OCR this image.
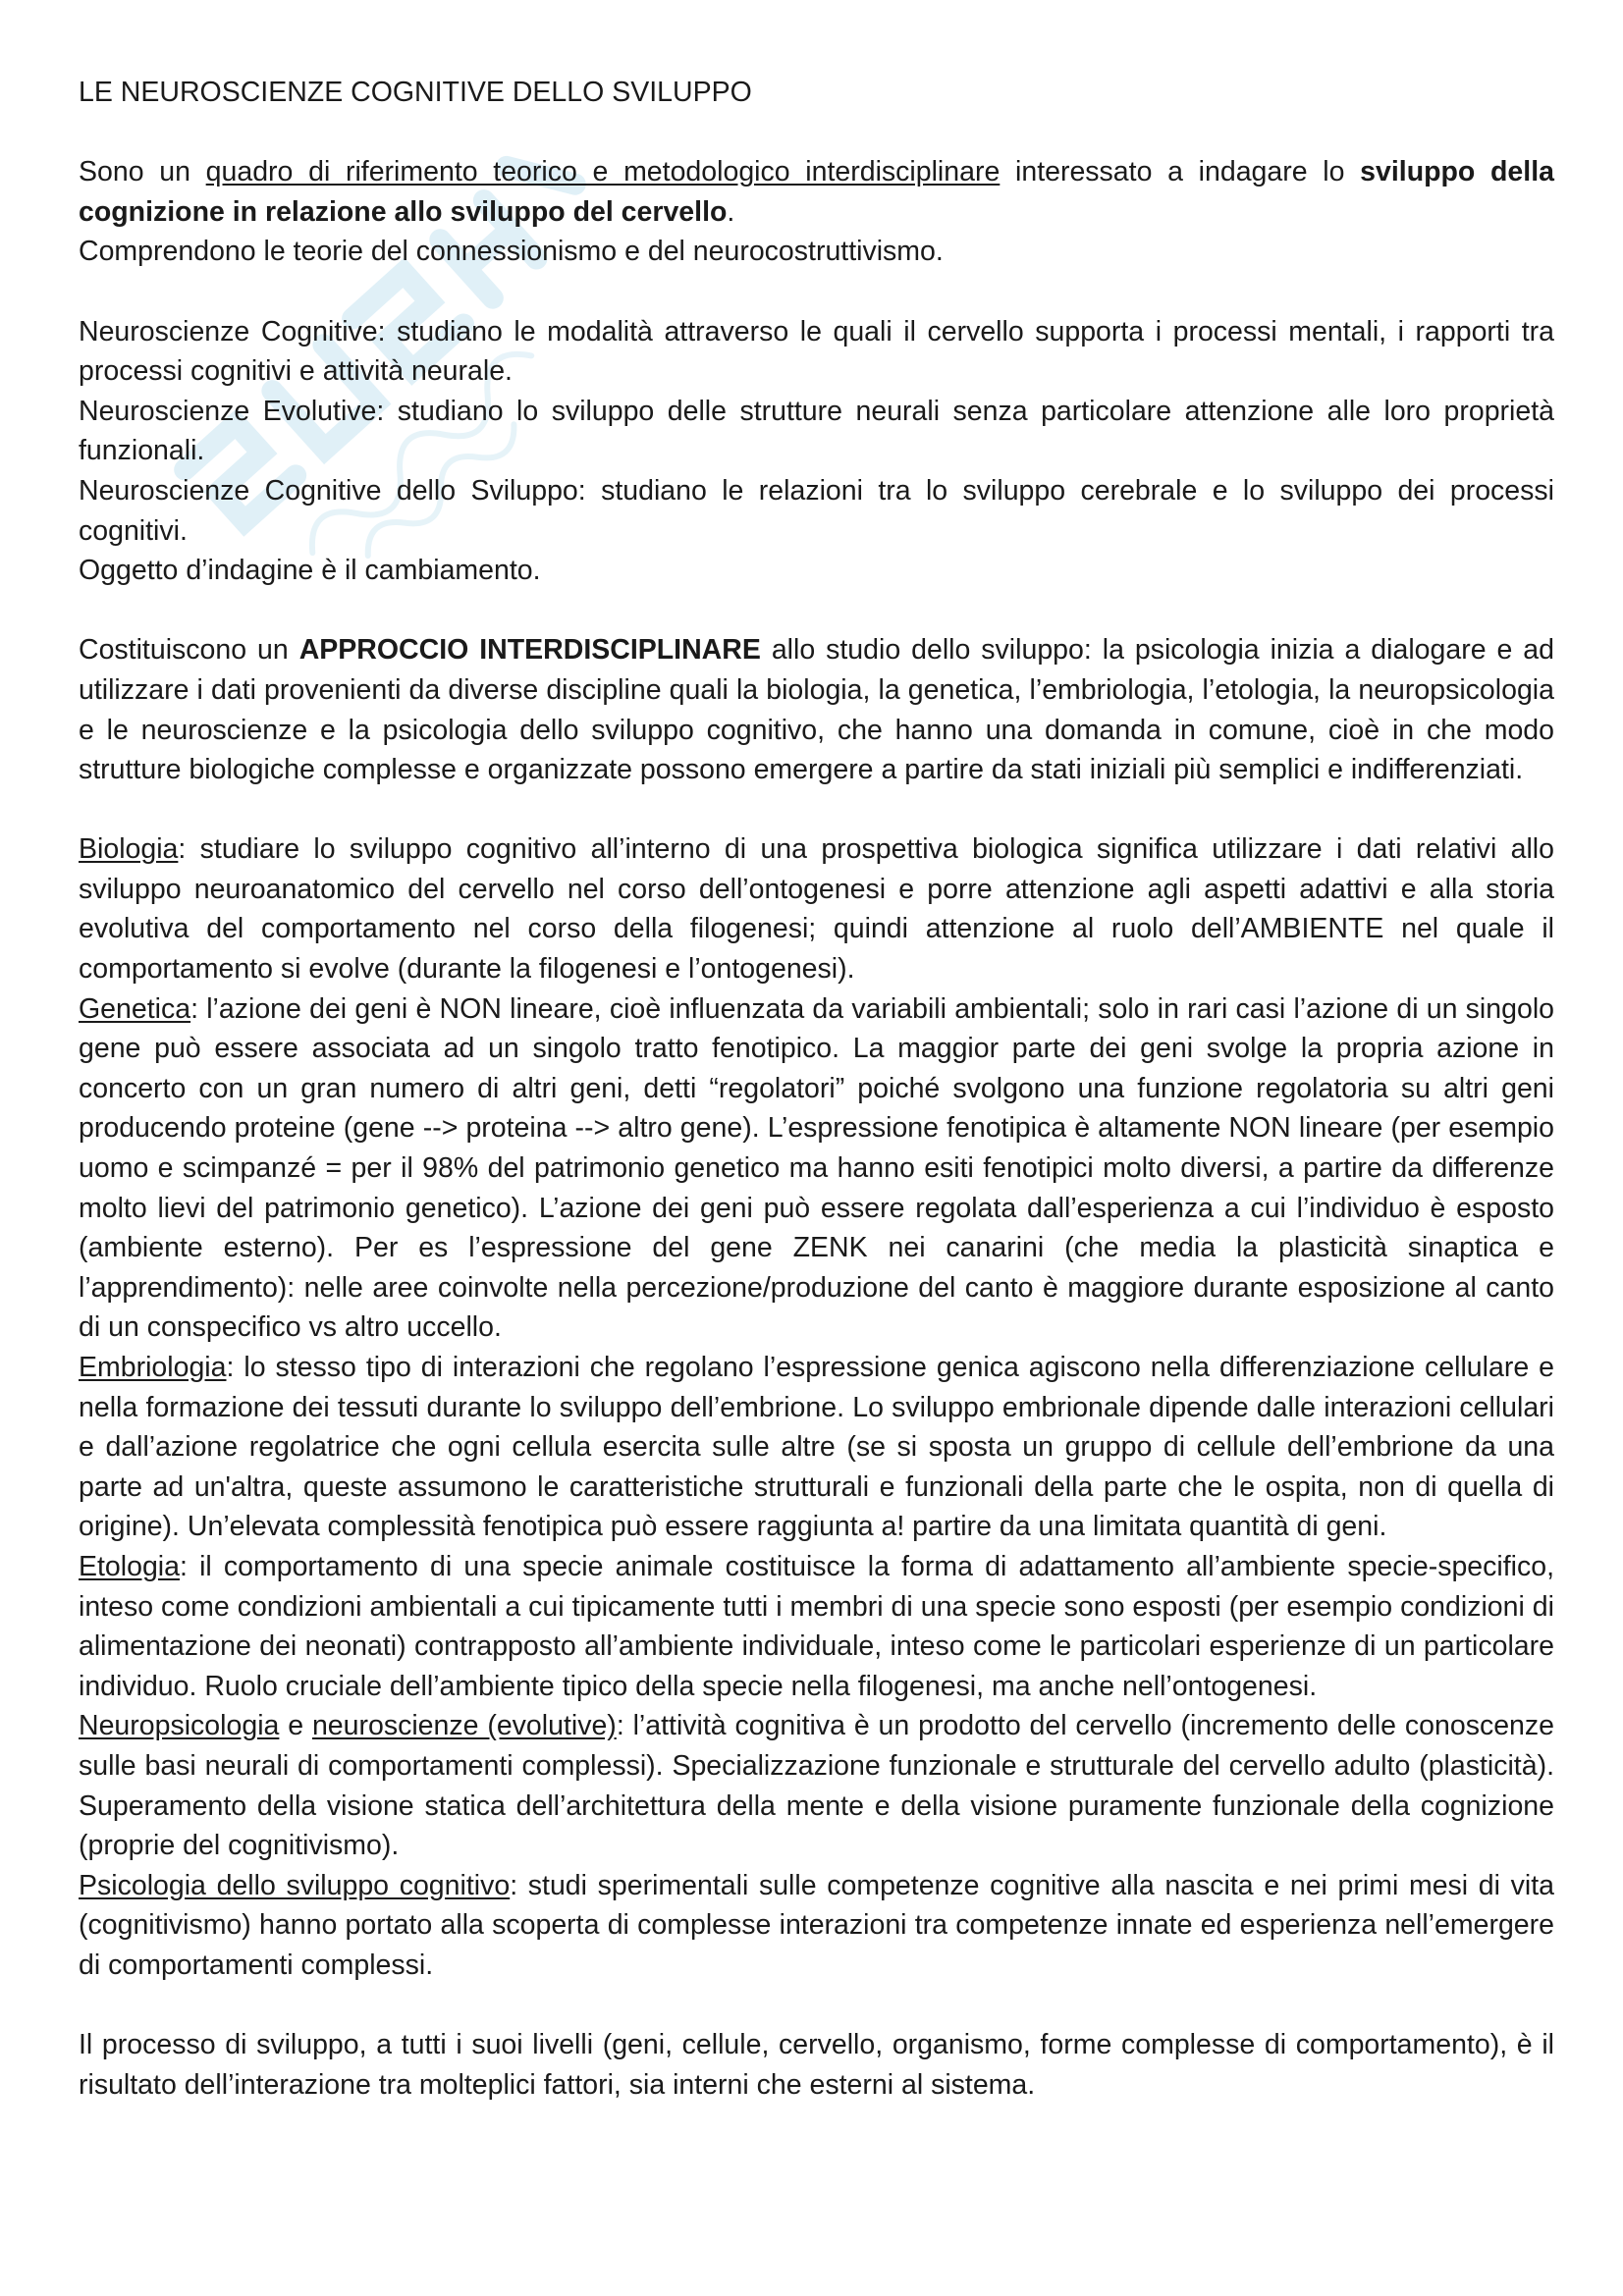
LE NEUROSCIENZE COGNITIVE DELLO SVILUPPO

Sono un quadro di riferimento teorico e metodologico interdisciplinare interessato a indagare lo sviluppo della cognizione in relazione allo sviluppo del cervello.

Comprendono le teorie del connessionismo e del neurocostruttivismo.

Neuroscienze Cognitive: studiano le modalità attraverso le quali il cervello supporta i processi mentali, i rapporti tra processi cognitivi e attività neurale.

Neuroscienze Evolutive: studiano lo sviluppo delle strutture neurali senza particolare attenzione alle loro proprietà funzionali.

Neuroscienze Cognitive dello Sviluppo: studiano le relazioni tra lo sviluppo cerebrale e lo sviluppo dei processi cognitivi.

Oggetto d’indagine è il cambiamento.

Costituiscono un APPROCCIO INTERDISCIPLINARE allo studio dello sviluppo: la psicologia inizia a dialogare e ad utilizzare i dati provenienti da diverse discipline quali la biologia, la genetica, l’embriologia, l’etologia, la neuropsicologia e le neuroscienze e la psicologia dello sviluppo cognitivo, che hanno una domanda in comune, cioè in che modo strutture biologiche complesse e organizzate possono emergere a partire da stati iniziali più semplici e indifferenziati.

Biologia: studiare lo sviluppo cognitivo all’interno di una prospettiva biologica significa utilizzare i dati relativi allo sviluppo neuroanatomico del cervello nel corso dell’ontogenesi e porre attenzione agli aspetti adattivi e alla storia evolutiva del comportamento nel corso della filogenesi; quindi attenzione al ruolo dell’AMBIENTE nel quale il comportamento si evolve (durante la filogenesi e l’ontogenesi).

Genetica: l’azione dei geni è NON lineare, cioè influenzata da variabili ambientali; solo in rari casi l’azione di un singolo gene può essere associata ad un singolo tratto fenotipico. La maggior parte dei geni svolge la propria azione in concerto con un gran numero di altri geni, detti “regolatori” poiché svolgono una funzione regolatoria su altri geni producendo proteine (gene --> proteina --> altro gene). L’espressione fenotipica è altamente NON lineare (per esempio uomo e scimpanzé = per il 98% del patrimonio genetico ma hanno esiti fenotipici molto diversi, a partire da differenze molto lievi del patrimonio genetico). L’azione dei geni può essere regolata dall’esperienza a cui l’individuo è esposto (ambiente esterno). Per es l’espressione del gene ZENK nei canarini (che media la plasticità sinaptica e l’apprendimento): nelle aree coinvolte nella percezione/produzione del canto è maggiore durante esposizione al canto di un conspecifico vs altro uccello.

Embriologia: lo stesso tipo di interazioni che regolano l’espressione genica agiscono nella differenziazione cellulare e nella formazione dei tessuti durante lo sviluppo dell’embrione. Lo sviluppo embrionale dipende dalle interazioni cellulari e dall’azione regolatrice che ogni cellula esercita sulle altre (se si sposta un gruppo di cellule dell’embrione da una parte ad un'altra, queste assumono le caratteristiche strutturali e funzionali della parte che le ospita, non di quella di origine). Un’elevata complessità fenotipica può essere raggiunta a! partire da una limitata quantità di geni.

Etologia: il comportamento di una specie animale costituisce la forma di adattamento all’ambiente specie-specifico, inteso come condizioni ambientali a cui tipicamente tutti i membri di una specie sono esposti (per esempio condizioni di alimentazione dei neonati) contrapposto all’ambiente individuale, inteso come le particolari esperienze di un particolare individuo. Ruolo cruciale dell’ambiente tipico della specie nella filogenesi, ma anche nell’ontogenesi.

Neuropsicologia e neuroscienze (evolutive): l’attività cognitiva è un prodotto del cervello (incremento delle conoscenze sulle basi neurali di comportamenti complessi). Specializzazione funzionale e strutturale del cervello adulto (plasticità). Superamento della visione statica dell’architettura della mente e della visione puramente funzionale della cognizione (proprie del cognitivismo).

Psicologia dello sviluppo cognitivo: studi sperimentali sulle competenze cognitive alla nascita e nei primi mesi di vita (cognitivismo) hanno portato alla scoperta di complesse interazioni tra competenze innate ed esperienza nell’emergere di comportamenti complessi.

Il processo di sviluppo, a tutti i suoi livelli (geni, cellule, cervello, organismo, forme complesse di comportamento), è il risultato dell’interazione tra molteplici fattori, sia interni che esterni al sistema.
